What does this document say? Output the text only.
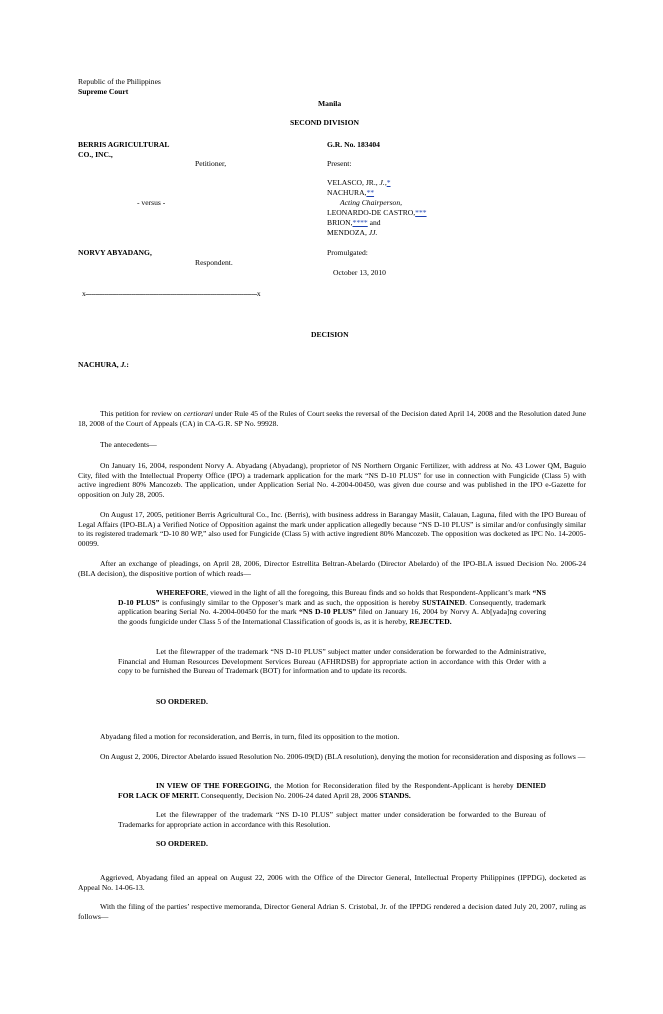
Republic of the Philippines
Supreme Court
Manila
SECOND DIVISION
BERRIS AGRICULTURAL
CO., INC.,
Petitioner,
- versus -
NORVY ABYADANG,
Respondent.
G.R. No. 183404
Present:
VELASCO, JR., J.,*
NACHURA,**
Acting Chairperson,
LEONARDO-DE CASTRO,***
BRION,**** and
MENDOZA, JJ.
Promulgated:
October 13, 2010
x-----------------------------------------------------------------------------------------x
DECISION
NACHURA, J.:

This petition for review on certiorari under Rule 45 of the Rules of Court seeks the reversal of the Decision dated April 14, 2008 and the Resolution dated June 18, 2008 of the Court of Appeals (CA) in CA-G.R. SP No. 99928.

The antecedents—

On January 16, 2004, respondent Norvy A. Abyadang (Abyadang), proprietor of NS Northern Organic Fertilizer, with address at No. 43 Lower QM, Baguio City, filed with the Intellectual Property Office (IPO) a trademark application for the mark “NS D-10 PLUS” for use in connection with Fungicide (Class 5) with active ingredient 80% Mancozeb. The application, under Application Serial No. 4-2004-00450, was given due course and was published in the IPO e-Gazette for opposition on July 28, 2005.

On August 17, 2005, petitioner Berris Agricultural Co., Inc. (Berris), with business address in Barangay Masiit, Calauan, Laguna, filed with the IPO Bureau of Legal Affairs (IPO-BLA) a Verified Notice of Opposition against the mark under application allegedly because “NS D-10 PLUS” is similar and/or confusingly similar to its registered trademark “D-10 80 WP,” also used for Fungicide (Class 5) with active ingredient 80% Mancozeb. The opposition was docketed as IPC No. 14-2005-00099.

After an exchange of pleadings, on April 28, 2006, Director Estrellita Beltran-Abelardo (Director Abelardo) of the IPO-BLA issued Decision No. 2006-24 (BLA decision), the dispositive portion of which reads—

WHEREFORE, viewed in the light of all the foregoing, this Bureau finds and so holds that Respondent-Applicant’s mark “NS D-10 PLUS” is confusingly similar to the Opposer’s mark and as such, the opposition is hereby SUSTAINED. Consequently, trademark application bearing Serial No. 4-2004-00450 for the mark “NS D-10 PLUS” filed on January 16, 2004 by Norvy A. Ab[yada]ng covering the goods fungicide under Class 5 of the International Classification of goods is, as it is hereby, REJECTED.

Let the filewrapper of the trademark “NS D-10 PLUS” subject matter under consideration be forwarded to the Administrative, Financial and Human Resources Development Services Bureau (AFHRDSB) for appropriate action in accordance with this Order with a copy to be furnished the Bureau of Trademark (BOT) for information and to update its records.

SO ORDERED.

Abyadang filed a motion for reconsideration, and Berris, in turn, filed its opposition to the motion.

On August 2, 2006, Director Abelardo issued Resolution No. 2006-09(D) (BLA resolution), denying the motion for reconsideration and disposing as follows —

IN VIEW OF THE FOREGOING, the Motion for Reconsideration filed by the Respondent-Applicant is hereby DENIED FOR LACK OF MERIT. Consequently, Decision No. 2006-24 dated April 28, 2006 STANDS.

Let the filewrapper of the trademark “NS D-10 PLUS” subject matter under consideration be forwarded to the Bureau of Trademarks for appropriate action in accordance with this Resolution.

SO ORDERED.

Aggrieved, Abyadang filed an appeal on August 22, 2006 with the Office of the Director General, Intellectual Property Philippines (IPPDG), docketed as Appeal No. 14-06-13.

With the filing of the parties’ respective memoranda, Director General Adrian S. Cristobal, Jr. of the IPPDG rendered a decision dated July 20, 2007, ruling as follows—
